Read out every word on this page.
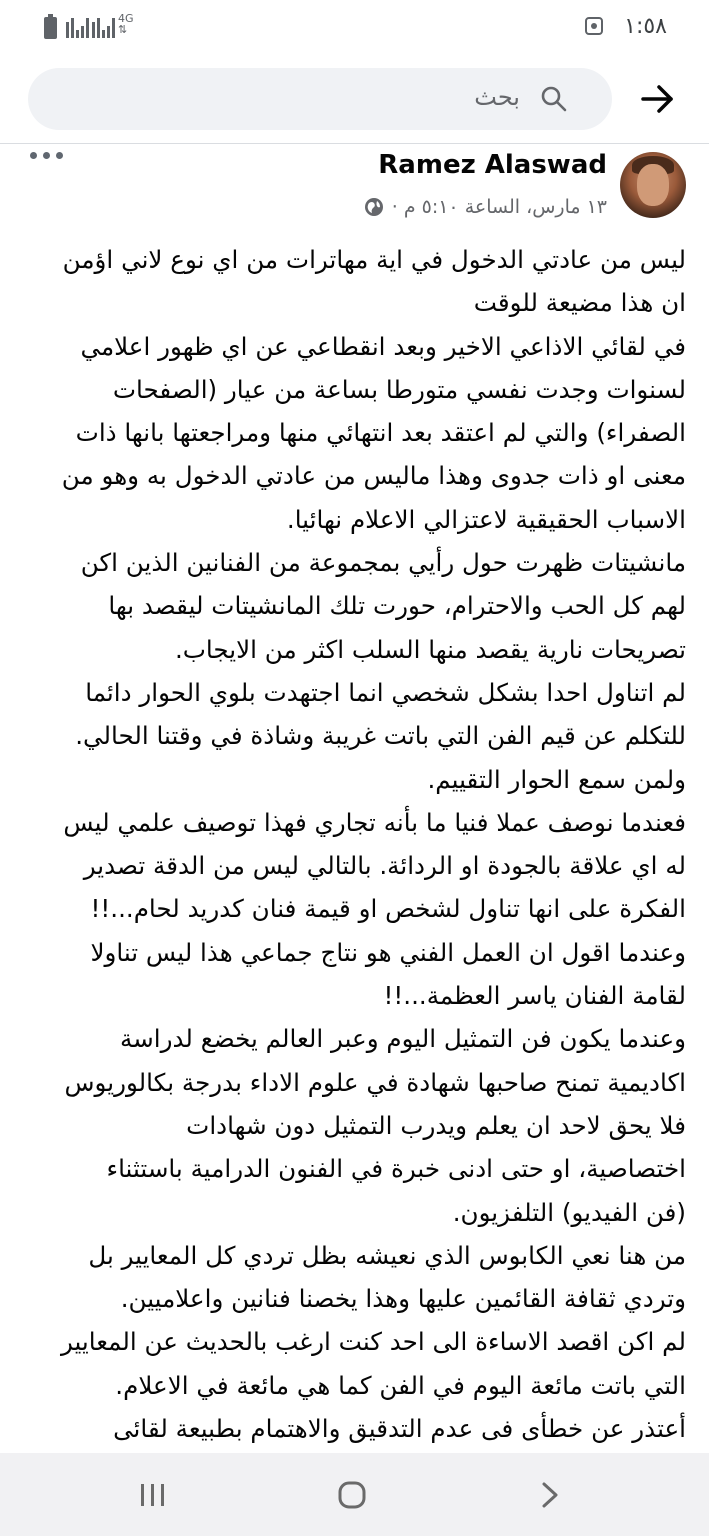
4G
⇅	١:٥٨
بحث
Ramez Alaswad
١٣ مارس، الساعة ٥:١٠ م ·

ليس من عادتي الدخول في اية مهاترات من اي نوع لاني اؤمن

ان هذا مضيعة للوقت

في لقائي الاذاعي الاخير وبعد انقطاعي عن اي ظهور اعلامي

لسنوات وجدت نفسي متورطا بساعة من عيار (الصفحات

الصفراء) والتي لم اعتقد بعد انتهائي منها ومراجعتها بانها ذات

معنى او ذات جدوى وهذا ماليس من عادتي الدخول به وهو من

الاسباب الحقيقية لاعتزالي الاعلام نهائيا.

مانشيتات ظهرت حول رأيي بمجموعة من الفنانين الذين اكن

لهم كل الحب والاحترام، حورت تلك المانشيتات ليقصد بها

تصريحات نارية يقصد منها السلب اكثر من الايجاب.

لم اتناول احدا بشكل شخصي انما اجتهدت بلوي الحوار دائما

للتكلم عن قيم الفن التي باتت غريبة وشاذة في وقتنا الحالي.

ولمن سمع الحوار التقييم.

فعندما نوصف عملا فنيا ما بأنه تجاري فهذا توصيف علمي ليس

له اي علاقة بالجودة او الردائة. بالتالي ليس من الدقة تصدير

الفكرة على انها تناول لشخص او قيمة فنان كدريد لحام...!!

وعندما اقول ان العمل الفني هو نتاج جماعي هذا ليس تناولا

لقامة الفنان ياسر العظمة...!!

وعندما يكون فن التمثيل اليوم وعبر العالم يخضع لدراسة

اكاديمية تمنح صاحبها شهادة في علوم الاداء بدرجة بكالوريوس

فلا يحق لاحد ان يعلم ويدرب التمثيل دون شهادات

اختصاصية، او حتى ادنى خبرة في الفنون الدرامية باستثناء

(فن الفيديو) التلفزيون.

من هنا نعي الكابوس الذي نعيشه بظل تردي كل المعايير بل

وتردي ثقافة القائمين عليها وهذا يخصنا فنانين واعلاميين.

لم اكن اقصد الاساءة الى احد كنت ارغب بالحديث عن المعايير

التي باتت مائعة اليوم في الفن كما هي مائعة في الاعلام.

أعتذر عن خطأى فى عدم التدقيق والاهتمام بطبيعة لقائى
